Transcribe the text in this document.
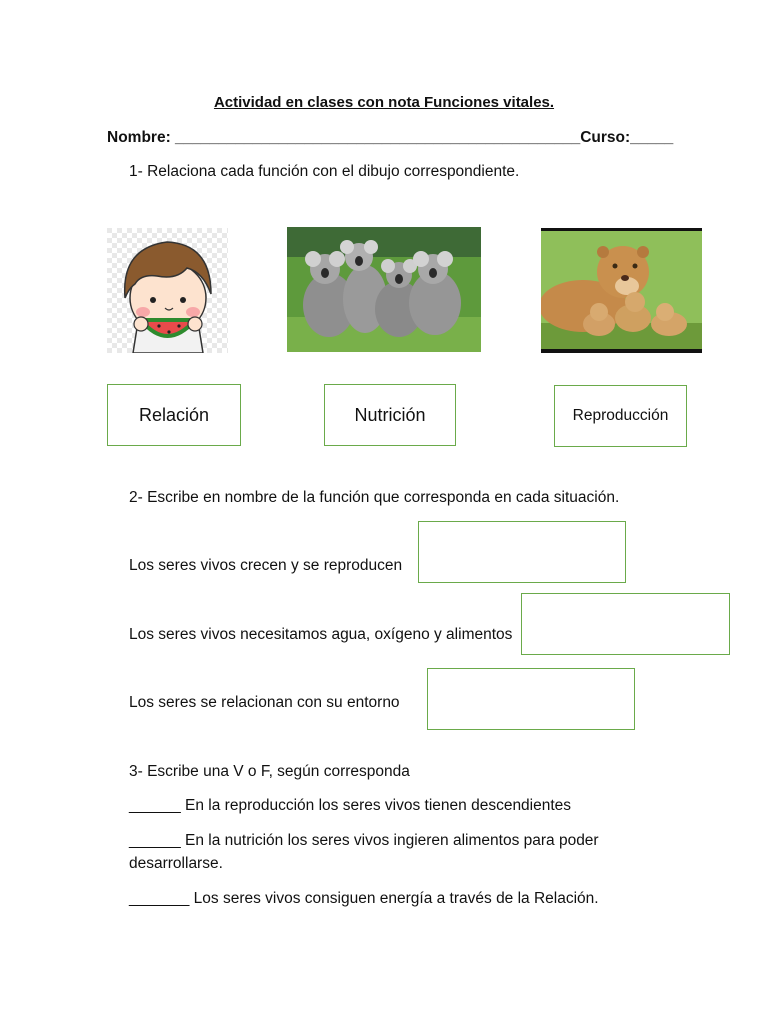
Actividad en clases con nota Funciones vitales.
Nombre: _______________________________________________Curso:_____
1- Relaciona cada función con el dibujo correspondiente.
Relación	Nutrición	Reproducción
2- Escribe en nombre de la función que corresponda en cada situación.
Los seres vivos crecen y se reproducen
Los seres vivos necesitamos agua, oxígeno y alimentos
Los seres se relacionan con su entorno
3- Escribe una V o F, según corresponda
______ En la reproducción los seres vivos tienen descendientes
______ En la nutrición los seres vivos ingieren alimentos para poder
desarrollarse.
_______ Los seres vivos consiguen energía a través de la Relación.
